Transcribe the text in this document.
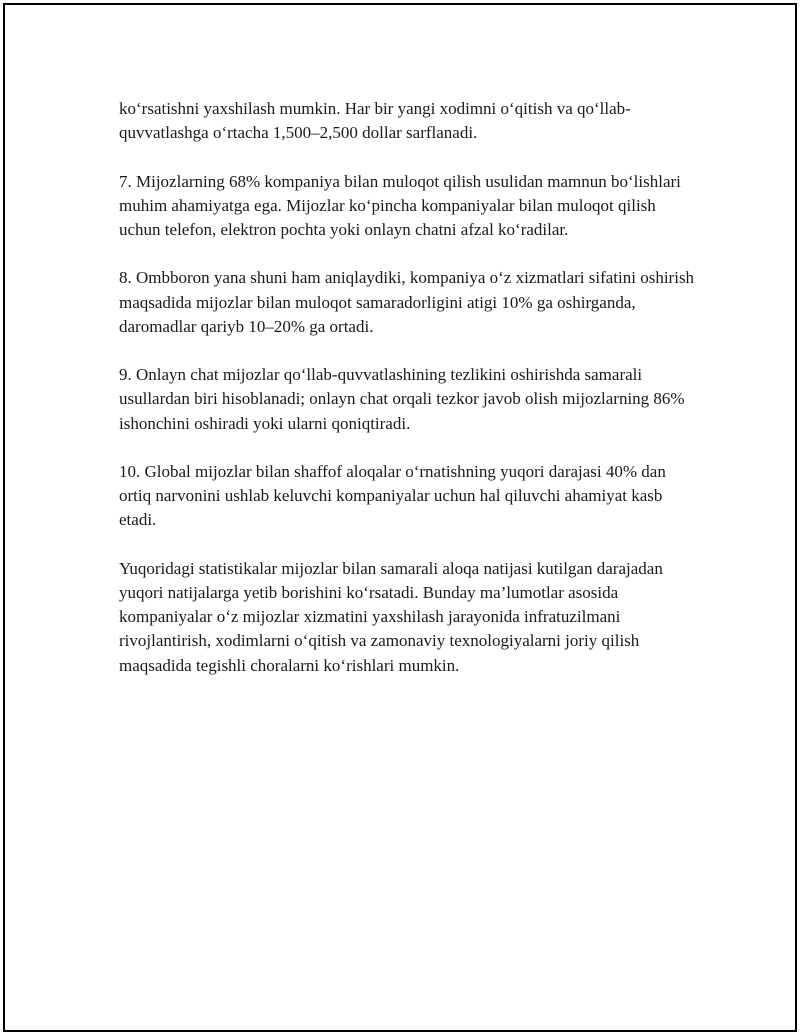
ko‘rsatishni yaxshilash mumkin. Har bir yangi xodimni o‘qitish va qo‘llab-quvvatlashga o‘rtacha 1,500–2,500 dollar sarflanadi.

7. Mijozlarning 68% kompaniya bilan muloqot qilish usulidan mamnun bo‘lishlari muhim ahamiyatga ega. Mijozlar ko‘pincha kompaniyalar bilan muloqot qilish uchun telefon, elektron pochta yoki onlayn chatni afzal ko‘radilar.

8. Ombboron yana shuni ham aniqlaydiki, kompaniya o‘z xizmatlari sifatini oshirish maqsadida mijozlar bilan muloqot samaradorligini atigi 10% ga oshirganda, daromadlar qariyb 10–20% ga ortadi.

9. Onlayn chat mijozlar qo‘llab-quvvatlashining tezlikini oshirishda samarali usullardan biri hisoblanadi; onlayn chat orqali tezkor javob olish mijozlarning 86% ishonchini oshiradi yoki ularni qoniqtiradi.

10. Global mijozlar bilan shaffof aloqalar o‘rnatishning yuqori darajasi 40% dan ortiq narvonini ushlab keluvchi kompaniyalar uchun hal qiluvchi ahamiyat kasb etadi.

Yuqoridagi statistikalar mijozlar bilan samarali aloqa natijasi kutilgan darajadan yuqori natijalarga yetib borishini ko‘rsatadi. Bunday ma’lumotlar asosida kompaniyalar o‘z mijozlar xizmatini yaxshilash jarayonida infratuzilmani rivojlantirish, xodimlarni o‘qitish va zamonaviy texnologiyalarni joriy qilish maqsadida tegishli choralarni ko‘rishlari mumkin.
